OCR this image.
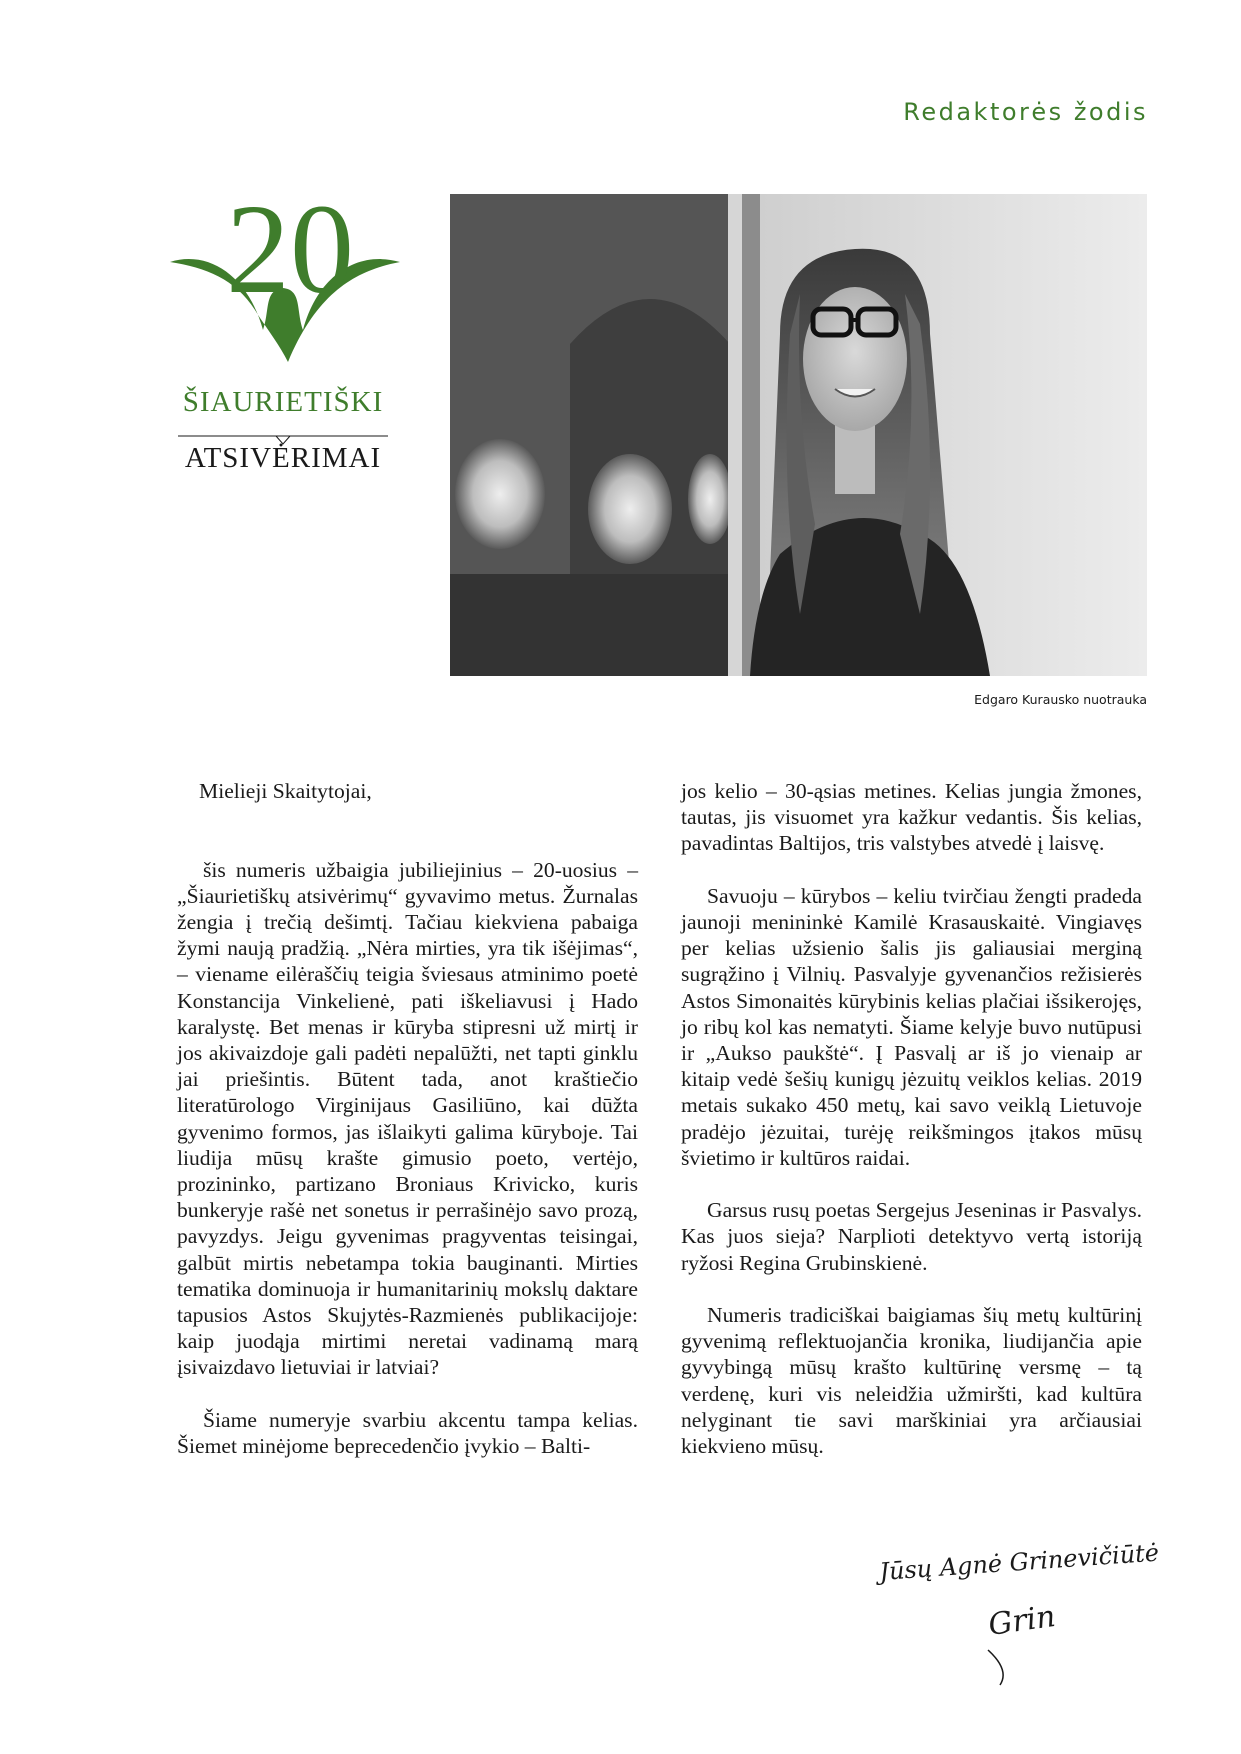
Redaktorės žodis
20
ŠIAURIETIŠKI
ATSIVĖRIMAI
Edgaro Kurausko nuotrauka

Mielieji Skaitytojai,

šis numeris užbaigia jubiliejinius – 20-uosius – „Šiaurietiškų atsivėrimų“ gyvavimo metus. Žurnalas žengia į trečią dešimtį. Tačiau kiekviena pabaiga žymi naują pradžią. „Nėra mirties, yra tik išėjimas“, – viename eilėraščių teigia šviesaus atminimo poetė Konstancija Vinkelienė, pati iškeliavusi į Hado karalystę. Bet menas ir kūryba stipresni už mirtį ir jos akivaizdoje gali padėti nepalūžti, net tapti ginklu jai priešintis. Būtent tada, anot kraštiečio literatūrologo Virginijaus Gasiliūno, kai dūžta gyvenimo formos, jas išlaikyti galima kūryboje. Tai liudija mūsų krašte gimusio poeto, vertėjo, prozininko, partizano Broniaus Krivicko, kuris bunkeryje rašė net sonetus ir perrašinėjo savo prozą, pavyzdys. Jeigu gyvenimas pragyventas teisingai, galbūt mirtis nebetampa tokia bauginanti. Mirties tematika dominuoja ir humanitarinių mokslų daktare tapusios Astos Skujytės-Razmienės publikacijoje: kaip juodąja mirtimi neretai vadinamą marą įsivaizdavo lietuviai ir latviai?

Šiame numeryje svarbiu akcentu tampa kelias. Šiemet minėjome beprecedenčio įvykio – Balti-

jos kelio – 30-ąsias metines. Kelias jungia žmones, tautas, jis visuomet yra kažkur vedantis. Šis kelias, pavadintas Baltijos, tris valstybes atvedė į laisvę.

Savuoju – kūrybos – keliu tvirčiau žengti pradeda jaunoji menininkė Kamilė Krasauskaitė. Vingiavęs per kelias užsienio šalis jis galiausiai merginą sugrąžino į Vilnių. Pasvalyje gyvenančios režisierės Astos Simonaitės kūrybinis kelias plačiai išsikerojęs, jo ribų kol kas nematyti. Šiame kelyje buvo nutūpusi ir „Aukso paukštė“. Į Pasvalį ar iš jo vienaip ar kitaip vedė šešių kunigų jėzuitų veiklos kelias. 2019 metais sukako 450 metų, kai savo veiklą Lietuvoje pradėjo jėzuitai, turėję reikšmingos įtakos mūsų švietimo ir kultūros raidai.

Garsus rusų poetas Sergejus Jeseninas ir Pasvalys. Kas juos sieja? Narplioti detektyvo vertą istoriją ryžosi Regina Grubinskienė.

Numeris tradiciškai baigiamas šių metų kultūrinį gyvenimą reflektuojančia kronika, liudijančia apie gyvybingą mūsų krašto kultūrinę versmę – tą verdenę, kuri vis neleidžia užmiršti, kad kultūra nelyginant tie savi marškiniai yra arčiausiai kiekvieno mūsų.

Jūsų Agnė Grinevičiūtė
Grin
